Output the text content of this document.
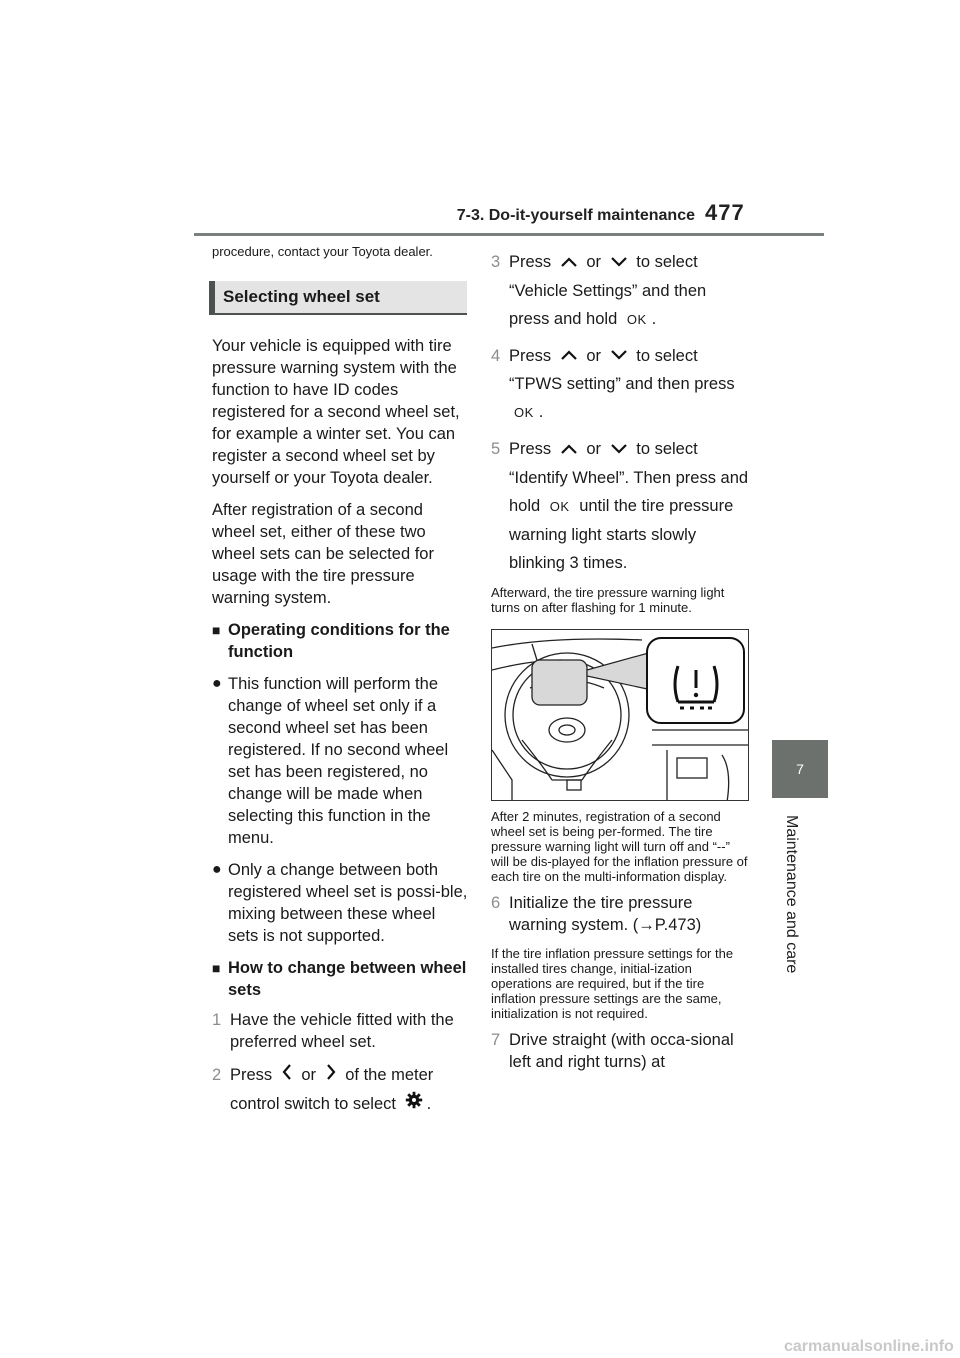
7-3. Do-it-yourself maintenance 477
7
Maintenance and care

procedure, contact your Toyota dealer.

Selecting wheel set

Your vehicle is equipped with tire pressure warning system with the function to have ID codes registered for a second wheel set, for example a winter set. You can register a second wheel set by yourself or your Toyota dealer.

After registration of a second wheel set, either of these two wheel sets can be selected for usage with the tire pressure warning system.

■ Operating conditions for the function
● This function will perform the change of wheel set only if a second wheel set has been registered. If no second wheel set has been registered, no change will be made when selecting this function in the menu.
● Only a change between both registered wheel set is possi-ble, mixing between these wheel sets is not supported.
■ How to change between wheel sets
1 Have the vehicle fitted with the preferred wheel set.
2 Press or of the meter control switch to select .
3 Press or to select “Vehicle Settings” and then press and hold OK .
4 Press or to select “TPWS setting” and then press OK .
5 Press or to select “Identify Wheel”. Then press and hold OK until the tire pressure warning light starts slowly blinking 3 times.

Afterward, the tire pressure warning light turns on after flashing for 1 minute.

After 2 minutes, registration of a second wheel set is being per-formed. The tire pressure warning light will turn off and “--” will be dis-played for the inflation pressure of each tire on the multi-information display.

6 Initialize the tire pressure warning system. (→P.473)

If the tire inflation pressure settings for the installed tires change, initial-ization operations are required, but if the tire inflation pressure settings are the same, initialization is not required.

7 Drive straight (with occa-sional left and right turns) at
carmanualsonline.info
